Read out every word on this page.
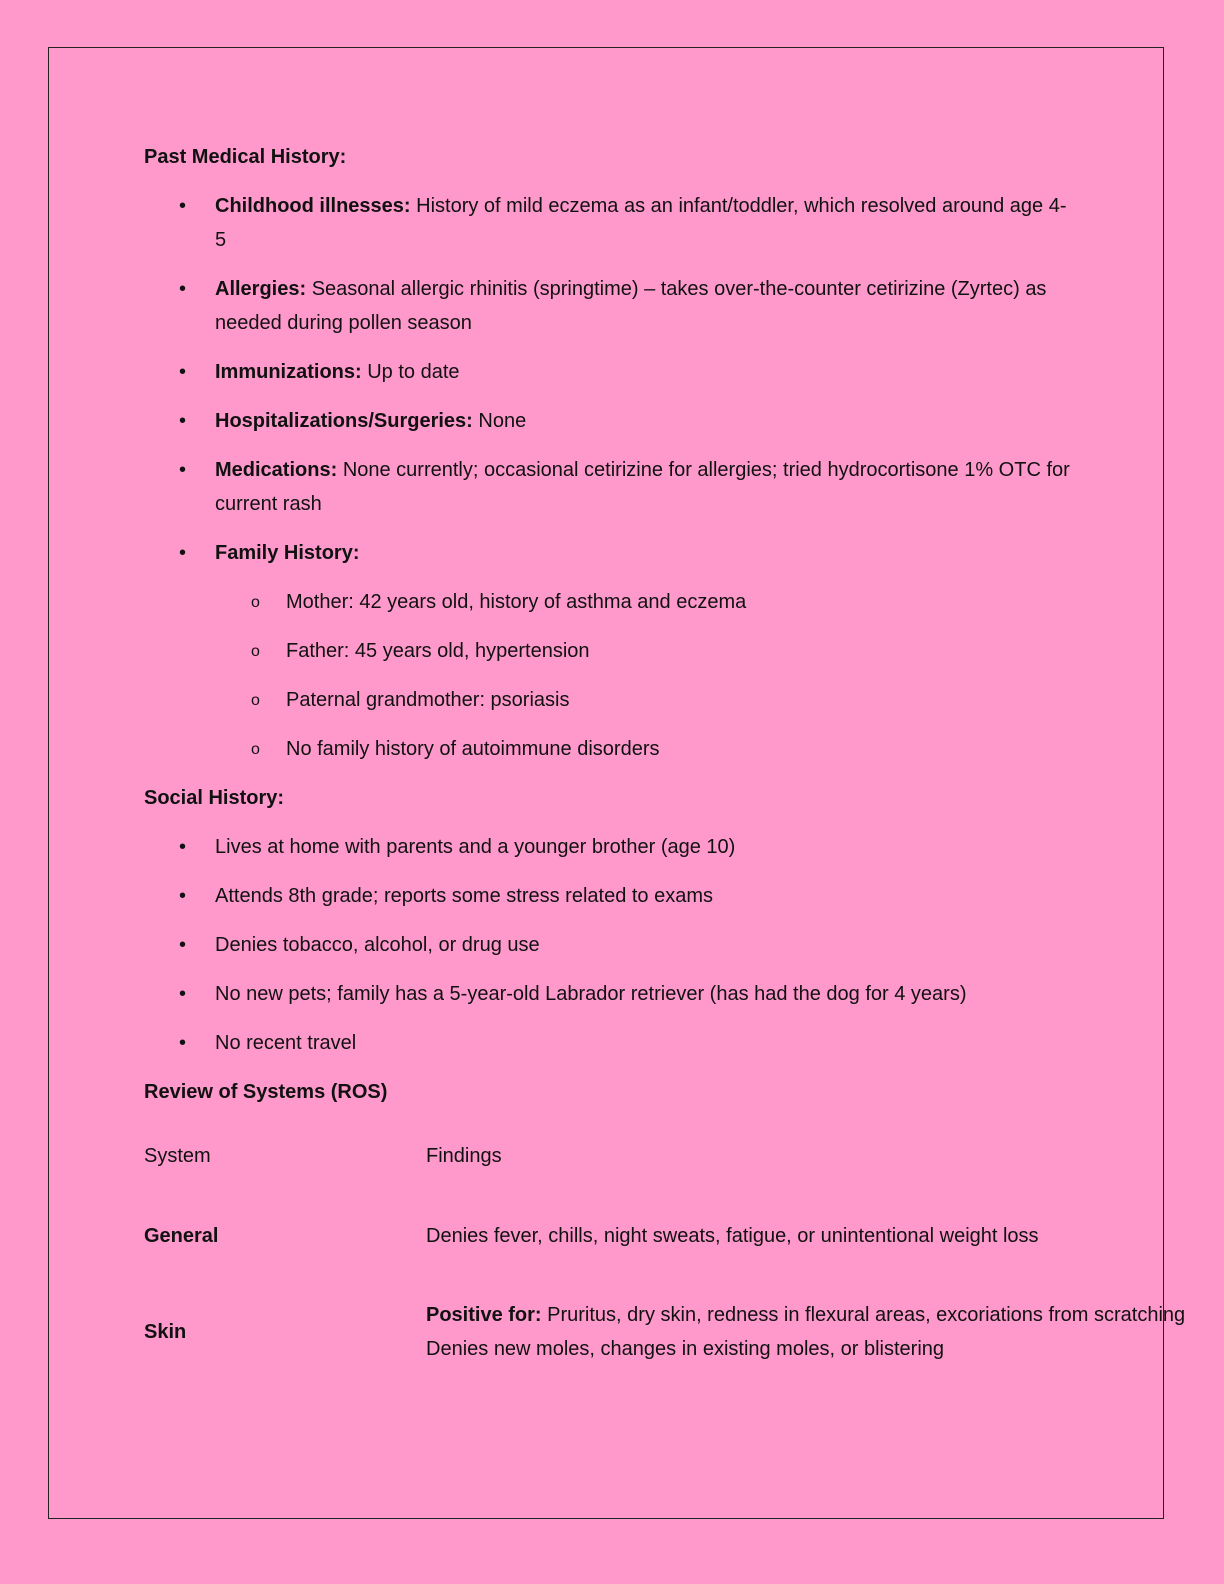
Past Medical History:

• Childhood illnesses: History of mild eczema as an infant/toddler, which resolved around age 4-5
• Allergies: Seasonal allergic rhinitis (springtime) – takes over-the-counter cetirizine (Zyrtec) as needed during pollen season
• Immunizations: Up to date
• Hospitalizations/Surgeries: None
• Medications: None currently; occasional cetirizine for allergies; tried hydrocortisone 1% OTC for current rash
• Family History:
o Mother: 42 years old, history of asthma and eczema
o Father: 45 years old, hypertension
o Paternal grandmother: psoriasis
o No family history of autoimmune disorders

Social History:

• Lives at home with parents and a younger brother (age 10)
• Attends 8th grade; reports some stress related to exams
• Denies tobacco, alcohol, or drug use
• No new pets; family has a 5-year-old Labrador retriever (has had the dog for 4 years)
• No recent travel

Review of Systems (ROS)

System	Findings
General	Denies fever, chills, night sweats, fatigue, or unintentional weight loss
Skin
Positive for: Pruritus, dry skin, redness in flexural areas, excoriations from scratching
Denies new moles, changes in existing moles, or blistering
